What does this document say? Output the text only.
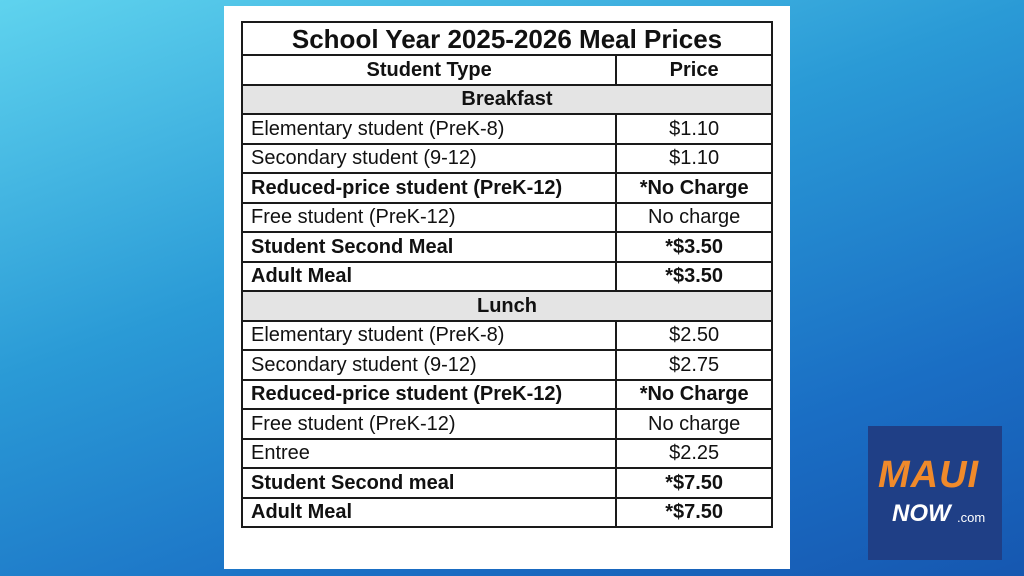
School Year 2025-2026 Meal Prices	
Student Type	Price
Breakfast	
Elementary student (PreK-8)	$1.10
Secondary student (9-12)	$1.10
Reduced-price student (PreK-12)	*No Charge
Free student (PreK-12)	No charge
Student Second Meal	*$3.50
Adult Meal	*$3.50
Lunch	
Elementary student (PreK-8)	$2.50
Secondary student (9-12)	$2.75
Reduced-price student (PreK-12)	*No Charge
Free student (PreK-12)	No charge
Entree	$2.25
Student Second meal	*$7.50
Adult Meal	*$7.50
MAUI
NOW .com
